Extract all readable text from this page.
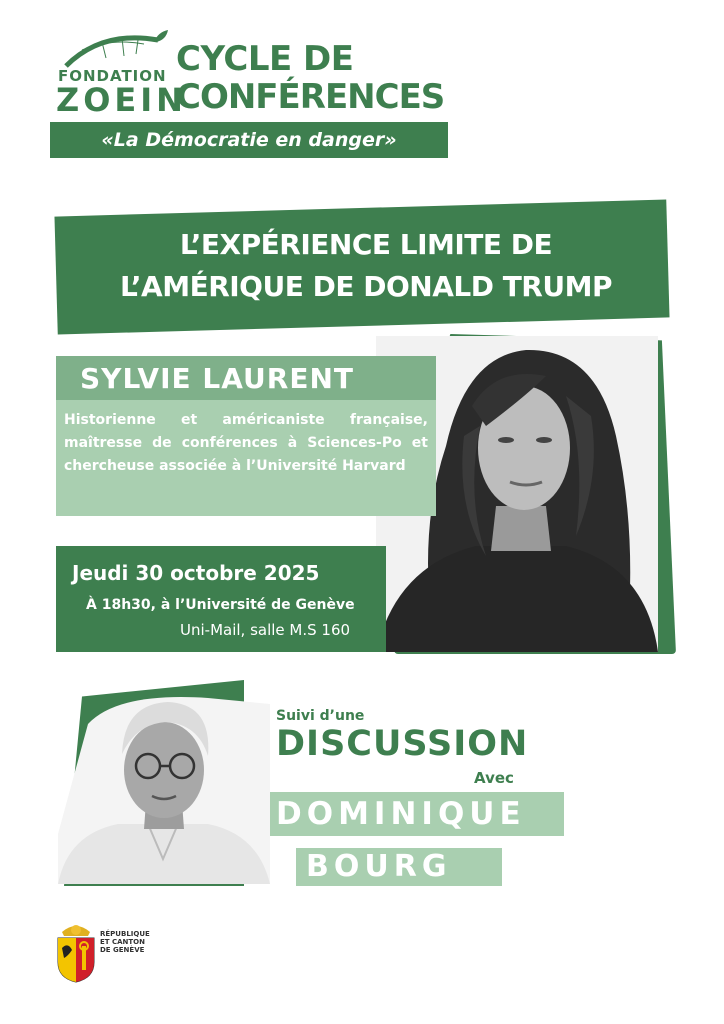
FONDATION
ZOEIN
CYCLE DE
CONFÉRENCES
«La Démocratie en danger»
L’EXPÉRIENCE LIMITE DE
L’AMÉRIQUE DE DONALD TRUMP
SYLVIE LAURENT
Historienne et américaniste française, maîtresse de conférences à Sciences-Po et chercheuse associée à l’Université Harvard
Jeudi 30 octobre 2025
À 18h30, à l’Université de Genève
Uni-Mail, salle M.S 160
Suivi d’une
DISCUSSION
Avec
DOMINIQUE
BOURG
RÉPUBLIQUE
ET CANTON
DE GENÈVE
